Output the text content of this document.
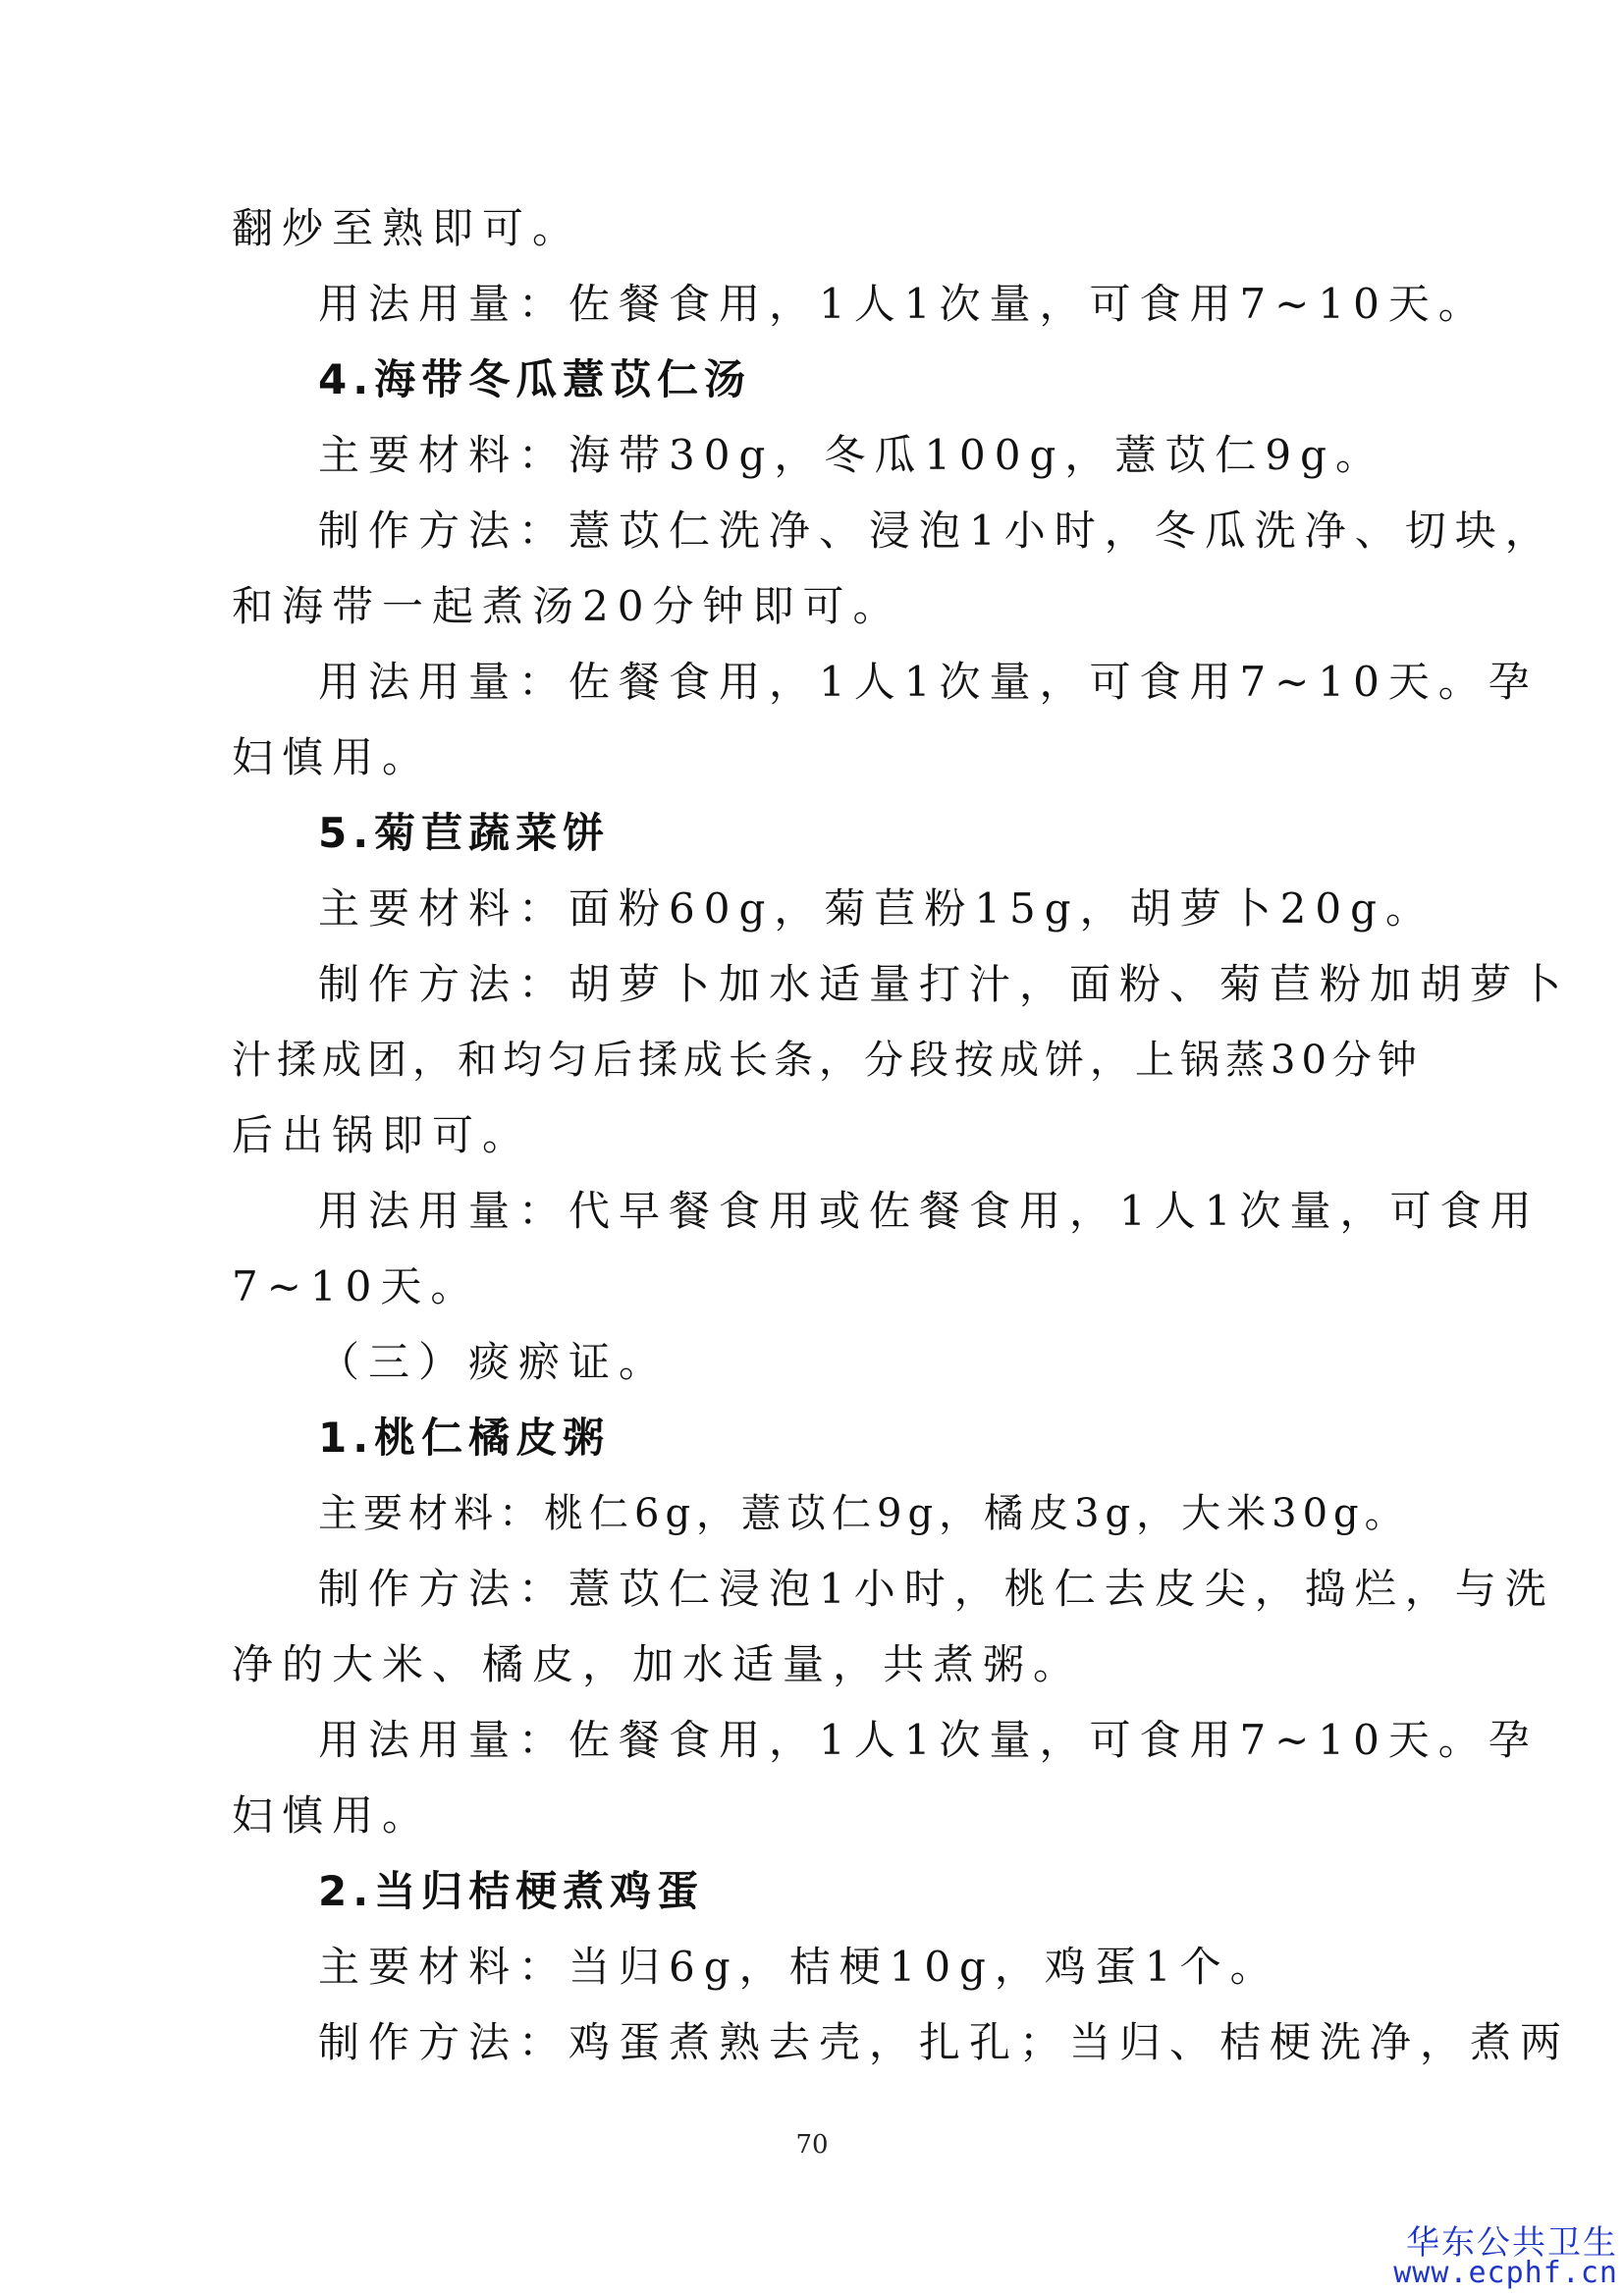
翻炒至熟即可。
用法用量：佐餐食用，1人1次量，可食用7~10天。
4.海带冬瓜薏苡仁汤
主要材料：海带30g，冬瓜100g，薏苡仁9g。
制作方法：薏苡仁洗净、浸泡1小时，冬瓜洗净、切块，
和海带一起煮汤20分钟即可。
用法用量：佐餐食用，1人1次量，可食用7~10天。孕
妇慎用。
5.菊苣蔬菜饼
主要材料：面粉60g，菊苣粉15g，胡萝卜20g。
制作方法：胡萝卜加水适量打汁，面粉、菊苣粉加胡萝卜
汁揉成团，和均匀后揉成长条，分段按成饼，上锅蒸30分钟
后出锅即可。
用法用量：代早餐食用或佐餐食用，1人1次量，可食用
7~10天。
（三）痰瘀证。
1.桃仁橘皮粥
主要材料：桃仁6g，薏苡仁9g，橘皮3g，大米30g。
制作方法：薏苡仁浸泡1小时，桃仁去皮尖，捣烂，与洗
净的大米、橘皮，加水适量，共煮粥。
用法用量：佐餐食用，1人1次量，可食用7~10天。孕
妇慎用。
2.当归桔梗煮鸡蛋
主要材料：当归6g，桔梗10g，鸡蛋1个。
制作方法：鸡蛋煮熟去壳，扎孔；当归、桔梗洗净，煮两
70
华东公共卫生
www.ecphf.cn
